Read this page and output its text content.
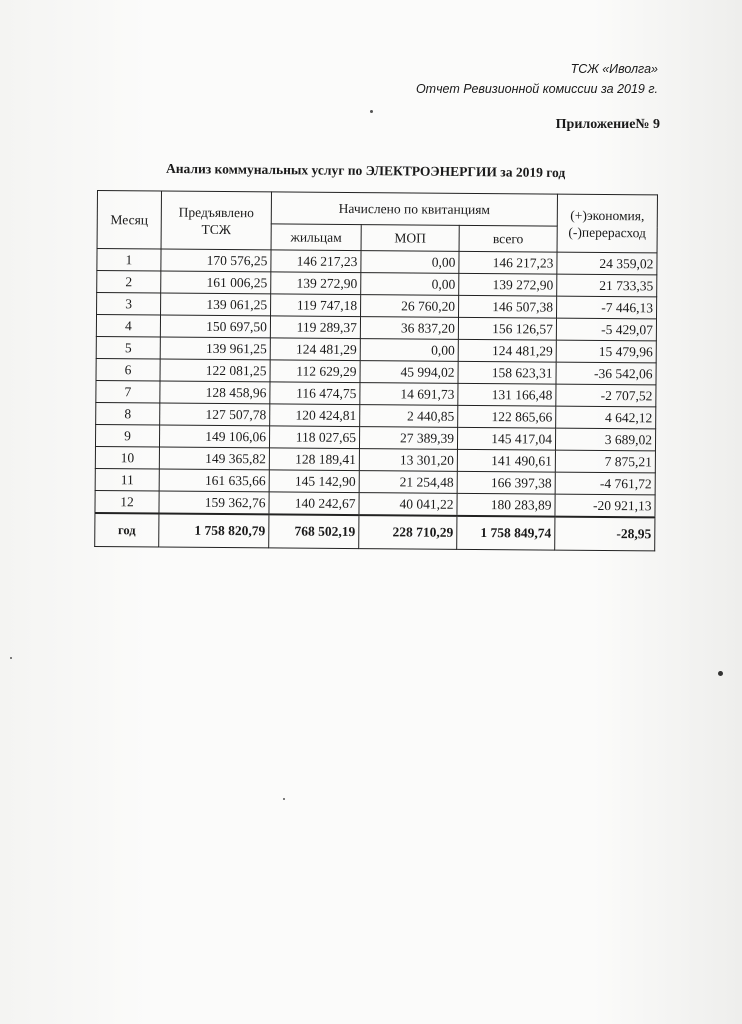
ТСЖ «Иволга»
Отчет Ревизионной комиссии за 2019 г.
Приложение№ 9
Анализ коммунальных услуг по ЭЛЕКТРОЭНЕРГИИ за 2019 год
Месяц	Предъявлено ТСЖ	Начислено по квитанциям			(+)экономия, (-)перерасход
		жильцам	МОП	всего	
1	170 576,25	146 217,23	0,00	146 217,23	24 359,02
2	161 006,25	139 272,90	0,00	139 272,90	21 733,35
3	139 061,25	119 747,18	26 760,20	146 507,38	-7 446,13
4	150 697,50	119 289,37	36 837,20	156 126,57	-5 429,07
5	139 961,25	124 481,29	0,00	124 481,29	15 479,96
6	122 081,25	112 629,29	45 994,02	158 623,31	-36 542,06
7	128 458,96	116 474,75	14 691,73	131 166,48	-2 707,52
8	127 507,78	120 424,81	2 440,85	122 865,66	4 642,12
9	149 106,06	118 027,65	27 389,39	145 417,04	3 689,02
10	149 365,82	128 189,41	13 301,20	141 490,61	7 875,21
11	161 635,66	145 142,90	21 254,48	166 397,38	-4 761,72
12	159 362,76	140 242,67	40 041,22	180 283,89	-20 921,13
год	1 758 820,79	768 502,19	228 710,29	1 758 849,74	-28,95
